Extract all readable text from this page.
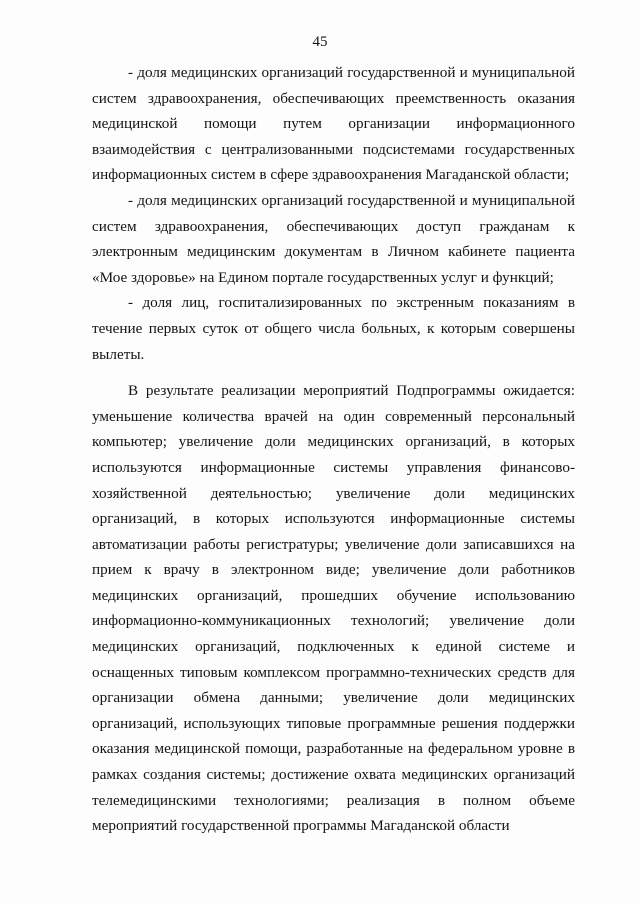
45

- доля медицинских организаций государственной и муниципальной систем здравоохранения, обеспечивающих преемственность оказания медицинской помощи путем организации информационного взаимодействия с централизованными подсистемами государственных информационных систем в сфере здравоохранения Магаданской области;

- доля медицинских организаций государственной и муниципальной систем здравоохранения, обеспечивающих доступ гражданам к электронным медицинским документам в Личном кабинете пациента «Мое здоровье» на Едином портале государственных услуг и функций;

- доля лиц, госпитализированных по экстренным показаниям в течение первых суток от общего числа больных, к которым совершены вылеты.

В результате реализации мероприятий Подпрограммы ожидается: уменьшение количества врачей на один современный персональный компьютер; увеличение доли медицинских организаций, в которых используются информационные системы управления финансово-хозяйственной деятельностью; увеличение доли медицинских организаций, в которых используются информационные системы автоматизации работы регистратуры; увеличение доли записавшихся на прием к врачу в электронном виде; увеличение доли работников медицинских организаций, прошедших обучение использованию информационно-коммуникационных технологий; увеличение доли медицинских организаций, подключенных к единой системе и оснащенных типовым комплексом программно-технических средств для организации обмена данными; увеличение доли медицинских организаций, использующих типовые программные решения поддержки оказания медицинской помощи, разработанные на федеральном уровне в рамках создания системы; достижение охвата медицинских организаций телемедицинскими технологиями; реализация в полном объеме мероприятий государственной программы Магаданской области
